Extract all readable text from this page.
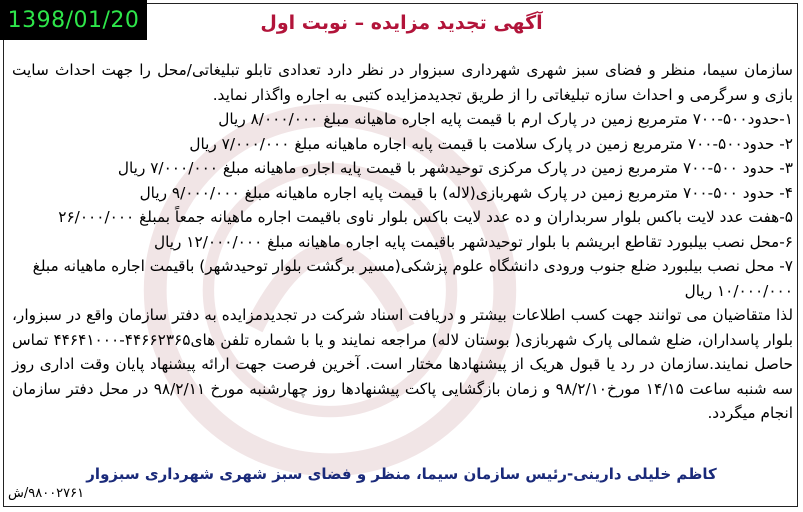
1398/01/20	آگهی تجدید مزایده – نوبت اول

سازمان سیما، منظر و فضای سبز شهری شهرداری سبزوار در نظر دارد تعدادی تابلو تبلیغاتی/محل را جهت احداث سایت بازی و سرگرمی و احداث سازه تبلیغاتی را از طریق تجدیدمزایده کتبی به اجاره واگذار نماید.

۱-حدود۵۰۰-۷۰۰ مترمربع زمین در پارک ارم با قیمت پایه اجاره ماهیانه مبلغ ۸/۰۰۰/۰۰۰ ریال

۲- حدود۵۰۰-۷۰۰ مترمربع زمین در پارک سلامت با قیمت پایه اجاره ماهیانه مبلغ ۷/۰۰۰/۰۰۰ ریال

۳- حدود ۵۰۰-۷۰۰ مترمربع زمین در پارک مرکزی توحیدشهر با قیمت پایه اجاره ماهیانه مبلغ ۷/۰۰۰/۰۰۰ ریال

۴- حدود ۵۰۰-۷۰۰ مترمربع زمین در پارک شهربازی(لاله) با قیمت پایه اجاره ماهیانه مبلغ ۹/۰۰۰/۰۰۰ ریال

۵-هفت عدد لایت باکس بلوار سربداران و ده عدد لایت باکس بلوار ناوی باقیمت اجاره ماهیانه جمعاً بمبلغ ۲۶/۰۰۰/۰۰۰

۶-محل نصب بیلبورد تقاطع ابریشم با بلوار توحیدشهر باقیمت پایه اجاره ماهیانه مبلغ ۱۲/۰۰۰/۰۰۰ ریال

۷- محل نصب بیلبورد ضلع جنوب ورودی دانشگاه علوم پزشکی(مسیر برگشت بلوار توحیدشهر) باقیمت اجاره ماهیانه مبلغ ۱۰/۰۰۰/۰۰۰ ریال

لذا متقاضیان می توانند جهت کسب اطلاعات بیشتر و دریافت اسناد شرکت در تجدیدمزایده به دفتر سازمان واقع در سبزوار، بلوار پاسداران، ضلع شمالی پارک شهربازی( بوستان لاله) مراجعه نمایند و یا با شماره تلفن های۴۴۶۶۲۳۶۵-۴۴۶۴۱۰۰۰ تماس حاصل نمایند.سازمان در رد یا قبول هریک از پیشنهادها مختار است. آخرین فرصت جهت ارائه پیشنهاد پایان وقت اداری روز سه شنبه ساعت ۱۴/۱۵ مورخ۹۸/۲/۱۰ و زمان بازگشایی پاکت پیشنهادها روز چهارشنبه مورخ ۹۸/۲/۱۱ در محل دفتر سازمان انجام میگردد.

کاظم خلیلی دارینی-رئیس سازمان سیما، منظر و فضای سبز شهری شهرداری سبزوار
۹۸۰۰۲۷۶۱/ش
